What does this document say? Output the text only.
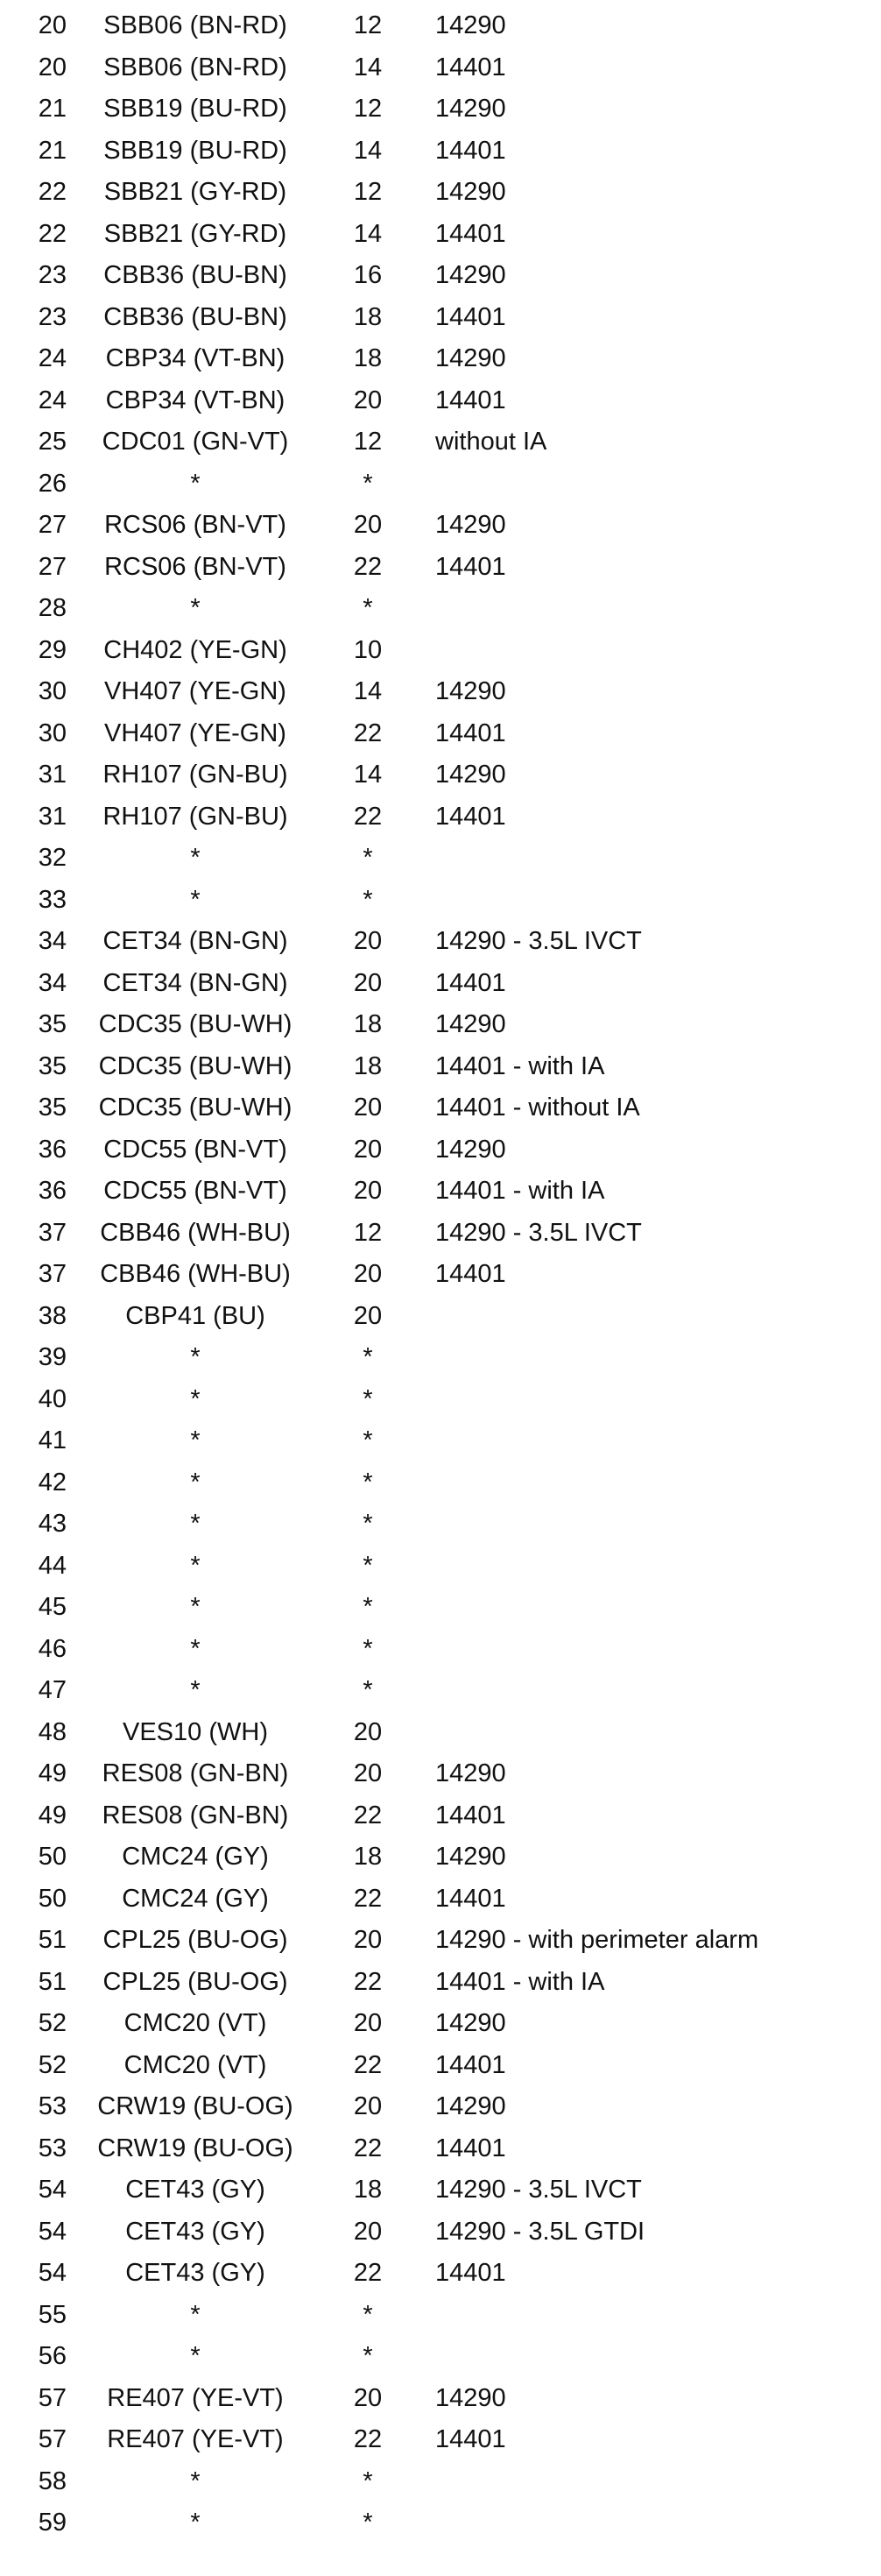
20	SBB06 (BN-RD)	12	14290
20	SBB06 (BN-RD)	14	14401
21	SBB19 (BU-RD)	12	14290
21	SBB19 (BU-RD)	14	14401
22	SBB21 (GY-RD)	12	14290
22	SBB21 (GY-RD)	14	14401
23	CBB36 (BU-BN)	16	14290
23	CBB36 (BU-BN)	18	14401
24	CBP34 (VT-BN)	18	14290
24	CBP34 (VT-BN)	20	14401
25	CDC01 (GN-VT)	12	without IA
26	*	*
27	RCS06 (BN-VT)	20	14290
27	RCS06 (BN-VT)	22	14401
28	*	*
29	CH402 (YE-GN)	10
30	VH407 (YE-GN)	14	14290
30	VH407 (YE-GN)	22	14401
31	RH107 (GN-BU)	14	14290
31	RH107 (GN-BU)	22	14401
32	*	*
33	*	*
34	CET34 (BN-GN)	20	14290 - 3.5L IVCT
34	CET34 (BN-GN)	20	14401
35	CDC35 (BU-WH)	18	14290
35	CDC35 (BU-WH)	18	14401 - with IA
35	CDC35 (BU-WH)	20	14401 - without IA
36	CDC55 (BN-VT)	20	14290
36	CDC55 (BN-VT)	20	14401 - with IA
37	CBB46 (WH-BU)	12	14290 - 3.5L IVCT
37	CBB46 (WH-BU)	20	14401
38	CBP41 (BU)	20
39	*	*
40	*	*
41	*	*
42	*	*
43	*	*
44	*	*
45	*	*
46	*	*
47	*	*
48	VES10 (WH)	20
49	RES08 (GN-BN)	20	14290
49	RES08 (GN-BN)	22	14401
50	CMC24 (GY)	18	14290
50	CMC24 (GY)	22	14401
51	CPL25 (BU-OG)	20	14290 - with perimeter alarm
51	CPL25 (BU-OG)	22	14401 - with IA
52	CMC20 (VT)	20	14290
52	CMC20 (VT)	22	14401
53	CRW19 (BU-OG)	20	14290
53	CRW19 (BU-OG)	22	14401
54	CET43 (GY)	18	14290 - 3.5L IVCT
54	CET43 (GY)	20	14290 - 3.5L GTDI
54	CET43 (GY)	22	14401
55	*	*
56	*	*
57	RE407 (YE-VT)	20	14290
57	RE407 (YE-VT)	22	14401
58	*	*
59	*	*
